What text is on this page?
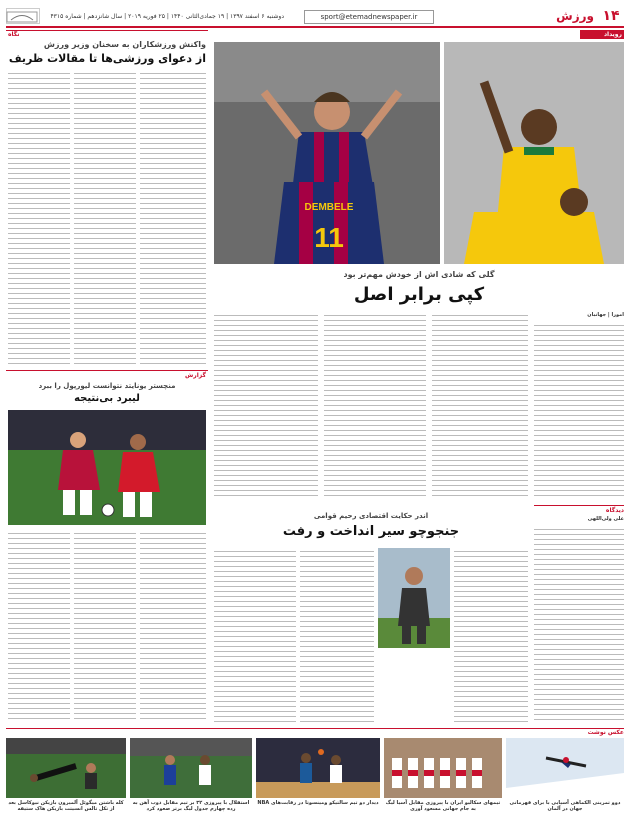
۱۴
ورزش
sport@etemadnewspaper.ir
دوشنبه ۶ اسفند ۱۳۹۷ | ۱۹ جمادی‌الثانی ۱۴۴۰ | ۲۵ فوریه ۲۰۱۹ | سال شانزدهم | شماره ۴۳۱۵
رویداد
نگاه
واکنش ورزشکاران به سخنان وزیر ورزش
از دعوای ورزشی‌ها تا مقالات ظریف
گزارش
منچستر یونایتد نتوانست لیورپول را ببرد
لیبرد بی‌نتیجه
DEMBELE
11
گلی که شادی اش از خودش مهم‌تر بود
کپی برابر اصل
امورا | جهانبان
دیدگاه
علی ولی‌اللهی
اندر حکایت اقتصادی رحیم قوامی
جنجوچو سیر انداخت و رفت
عکس نوشت
دوو تمرینی الکماهی آسیایی با برای قهرمانی جهان در آلمان
تیمهای سکالیو ایران با پیروزی مقابل آسیا لیگ به جام جهانی مسعود آوری
دیدار دو تیم سالتیکو ومینسوتا در رقابت‌های NBA
استقلال با پیروزی ۳۲ بر تیم مقابل ذوب آهن به رده چهارم جدول لیگ برتر صعود کرد
کله باشتن میگوئل آلمیرون بازیکن نیوکاسل بعد از تکل تالس انسیتت بازیکن هاک ستیفه
